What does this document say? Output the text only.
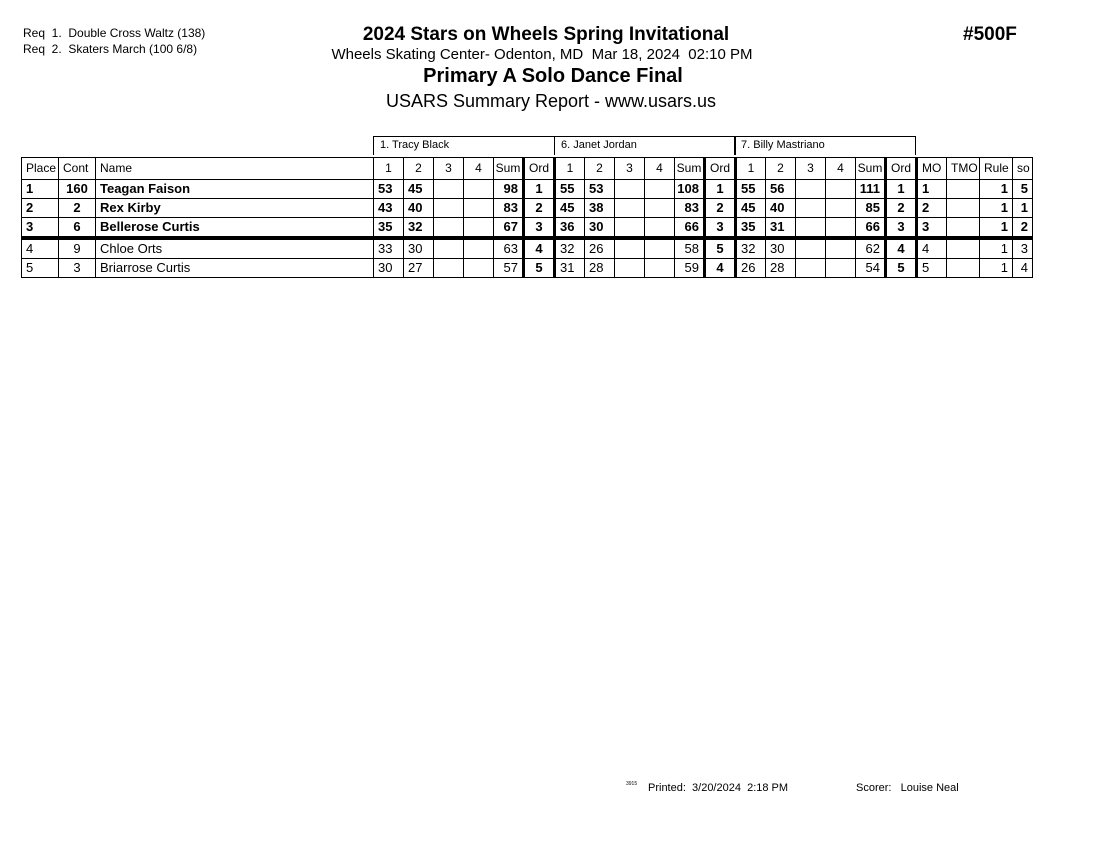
Req  1.  Double Cross Waltz (138)
Req  2.  Skaters March (100 6/8)
2024 Stars on Wheels Spring Invitational
Wheels Skating Center- Odenton, MD  Mar 18, 2024  02:10 PM
Primary A Solo Dance Final
USARS Summary Report - www.usars.us
#500F
1. Tracy Black	6. Janet Jordan	7. Billy Mastriano
Place	Cont	Name	1	2	3	4	Sum	Ord	1	2	3	4	Sum	Ord	1	2	3	4	Sum	Ord	MO	TMO	Rule	so
1	160	Teagan Faison	53	45			98	1	55	53			108	1	55	56			111	1	1		1	5
2	2	Rex Kirby	43	40			83	2	45	38			83	2	45	40			85	2	2		1	1
3	6	Bellerose Curtis	35	32			67	3	36	30			66	3	35	31			66	3	3		1	2
4	9	Chloe Orts	33	30			63	4	32	26			58	5	32	30			62	4	4		1	3
5	3	Briarrose Curtis	30	27			57	5	31	28			59	4	26	28			54	5	5		1	4
3915 Printed:  3/20/2024  2:18 PM	Scorer:   Louise Neal
